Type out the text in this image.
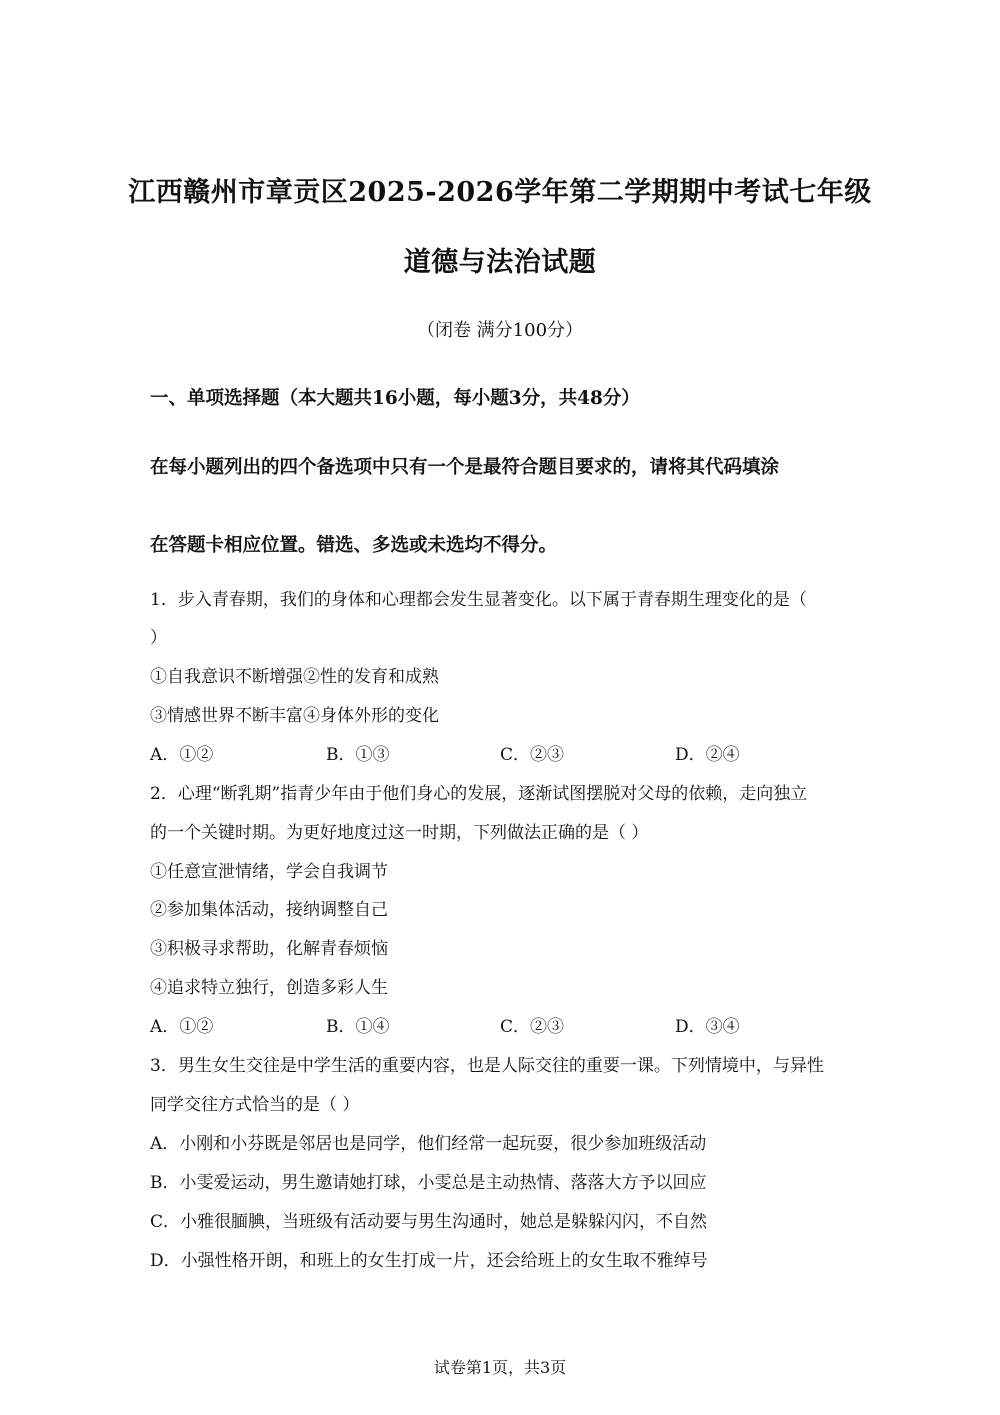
江西赣州市章贡区2025-2026学年第二学期期中考试七年级
道德与法治试题
（闭卷 满分100分）
一、单项选择题（本大题共16小题，每小题3分，共48分）
在每小题列出的四个备选项中只有一个是最符合题目要求的，请将其代码填涂
在答题卡相应位置。错选、多选或未选均不得分。
1．步入青春期，我们的身体和心理都会发生显著变化。以下属于青春期生理变化的是（
）
①自我意识不断增强②性的发育和成熟
③情感世界不断丰富④身体外形的变化
A．①②	B．①③	C．②③	D．②④
2．心理“断乳期”指青少年由于他们身心的发展，逐渐试图摆脱对父母的依赖，走向独立
的一个关键时期。为更好地度过这一时期，下列做法正确的是（ ）
①任意宣泄情绪，学会自我调节
②参加集体活动，接纳调整自己
③积极寻求帮助，化解青春烦恼
④追求特立独行，创造多彩人生
A．①②	B．①④	C．②③	D．③④
3．男生女生交往是中学生活的重要内容，也是人际交往的重要一课。下列情境中，与异性
同学交往方式恰当的是（ ）
A．小刚和小芬既是邻居也是同学，他们经常一起玩耍，很少参加班级活动
B．小雯爱运动，男生邀请她打球，小雯总是主动热情、落落大方予以回应
C．小雅很腼腆，当班级有活动要与男生沟通时，她总是躲躲闪闪，不自然
D．小强性格开朗，和班上的女生打成一片，还会给班上的女生取不雅绰号
试卷第1页，共3页
